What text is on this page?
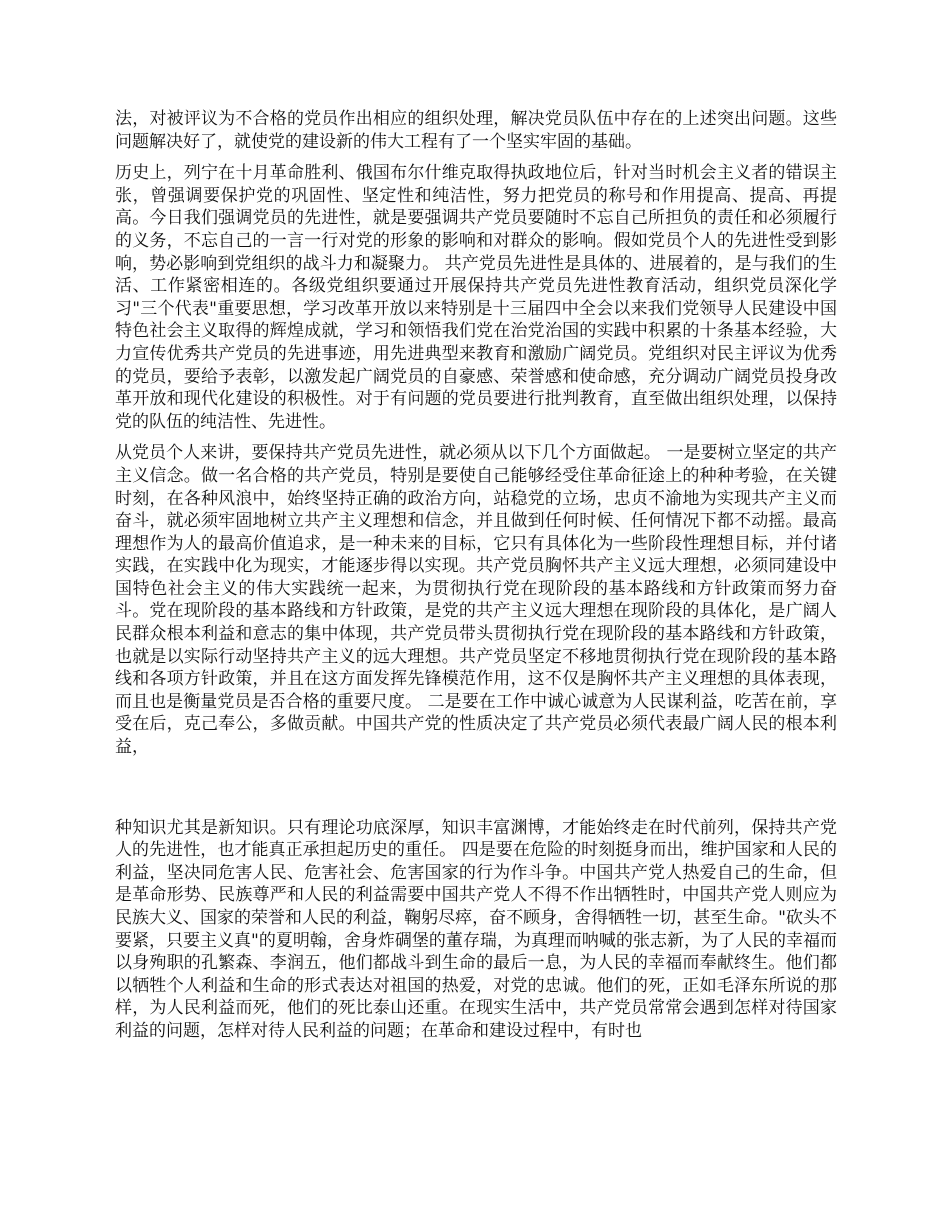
法，对被评议为不合格的党员作出相应的组织处理，解决党员队伍中存在的上述突出问题。这些问题解决好了，就使党的建设新的伟大工程有了一个坚实牢固的基础。

历史上，列宁在十月革命胜利、俄国布尔什维克取得执政地位后，针对当时机会主义者的错误主张，曾强调要保护党的巩固性、坚定性和纯洁性，努力把党员的称号和作用提高、提高、再提高。今日我们强调党员的先进性，就是要强调共产党员要随时不忘自己所担负的责任和必须履行的义务，不忘自己的一言一行对党的形象的影响和对群众的影响。假如党员个人的先进性受到影响，势必影响到党组织的战斗力和凝聚力。 共产党员先进性是具体的、进展着的，是与我们的生活、工作紧密相连的。各级党组织要通过开展保持共产党员先进性教育活动，组织党员深化学习"三个代表"重要思想，学习改革开放以来特别是十三届四中全会以来我们党领导人民建设中国特色社会主义取得的辉煌成就，学习和领悟我们党在治党治国的实践中积累的十条基本经验，大力宣传优秀共产党员的先进事迹，用先进典型来教育和激励广阔党员。党组织对民主评议为优秀的党员，要给予表彰，以激发起广阔党员的自豪感、荣誉感和使命感，充分调动广阔党员投身改革开放和现代化建设的积极性。对于有问题的党员要进行批判教育，直至做出组织处理，以保持党的队伍的纯洁性、先进性。

从党员个人来讲，要保持共产党员先进性，就必须从以下几个方面做起。 一是要树立坚定的共产主义信念。做一名合格的共产党员，特别是要使自己能够经受住革命征途上的种种考验，在关键时刻，在各种风浪中，始终坚持正确的政治方向，站稳党的立场，忠贞不渝地为实现共产主义而奋斗，就必须牢固地树立共产主义理想和信念，并且做到任何时候、任何情况下都不动摇。最高理想作为人的最高价值追求，是一种未来的目标，它只有具体化为一些阶段性理想目标，并付诸实践，在实践中化为现实，才能逐步得以实现。共产党员胸怀共产主义远大理想，必须同建设中国特色社会主义的伟大实践统一起来，为贯彻执行党在现阶段的基本路线和方针政策而努力奋斗。党在现阶段的基本路线和方针政策，是党的共产主义远大理想在现阶段的具体化，是广阔人民群众根本利益和意志的集中体现，共产党员带头贯彻执行党在现阶段的基本路线和方针政策，也就是以实际行动坚持共产主义的远大理想。共产党员坚定不移地贯彻执行党在现阶段的基本路线和各项方针政策，并且在这方面发挥先锋模范作用，这不仅是胸怀共产主义理想的具体表现，而且也是衡量党员是否合格的重要尺度。 二是要在工作中诚心诚意为人民谋利益，吃苦在前，享受在后，克己奉公，多做贡献。中国共产党的性质决定了共产党员必须代表最广阔人民的根本利益，

种知识尤其是新知识。只有理论功底深厚，知识丰富渊博，才能始终走在时代前列，保持共产党人的先进性，也才能真正承担起历史的重任。 四是要在危险的时刻挺身而出，维护国家和人民的利益，坚决同危害人民、危害社会、危害国家的行为作斗争。中国共产党人热爱自己的生命，但是革命形势、民族尊严和人民的利益需要中国共产党人不得不作出牺牲时，中国共产党人则应为民族大义、国家的荣誉和人民的利益，鞠躬尽瘁，奋不顾身，舍得牺牲一切，甚至生命。"砍头不要紧，只要主义真"的夏明翰，舍身炸碉堡的董存瑞，为真理而呐喊的张志新，为了人民的幸福而以身殉职的孔繁森、李润五，他们都战斗到生命的最后一息，为人民的幸福而奉献终生。他们都以牺牲个人利益和生命的形式表达对祖国的热爱，对党的忠诚。他们的死，正如毛泽东所说的那样，为人民利益而死，他们的死比泰山还重。在现实生活中，共产党员常常会遇到怎样对待国家利益的问题，怎样对待人民利益的问题；在革命和建设过程中，有时也
